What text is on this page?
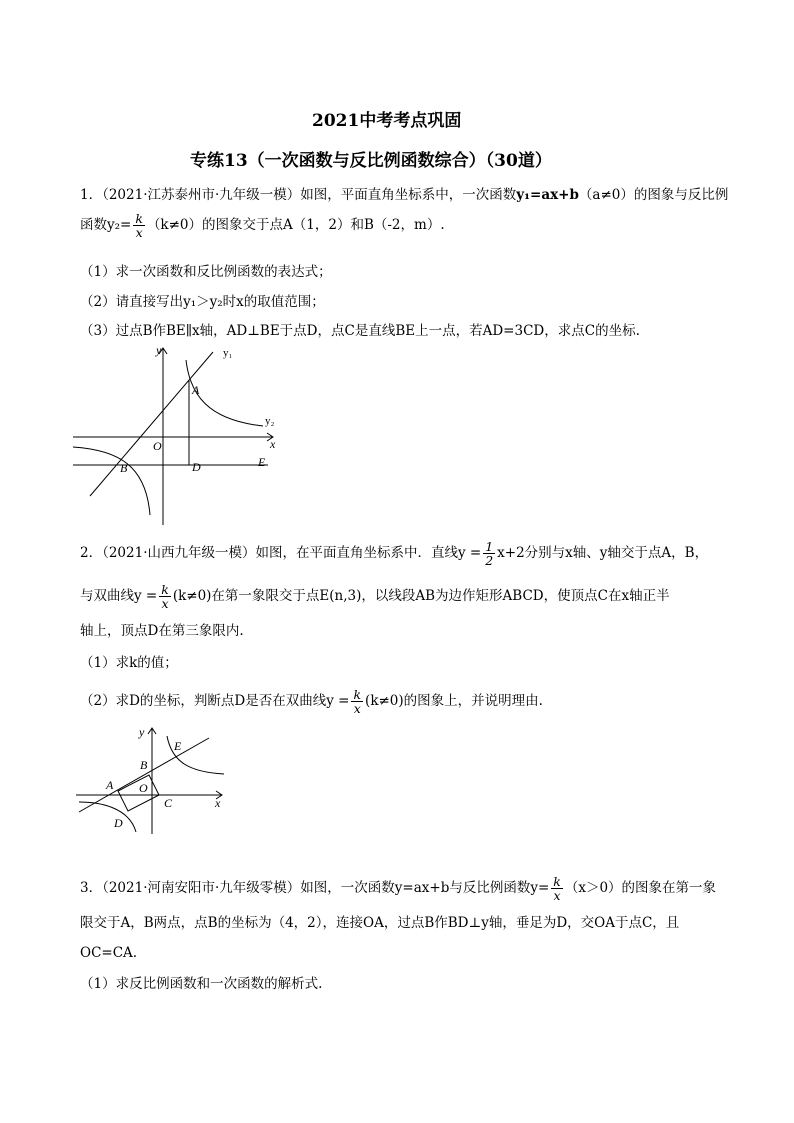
2021中考考点巩固
专练13（一次函数与反比例函数综合）（30道）
1．（2021·江苏泰州市·九年级一模）如图，平面直角坐标系中，一次函数y₁=ax+b（a≠0）的图象与反比例
函数$y_2= \frac{k}{x} (k\ne 0)$的图象交于点A（1，2）和B（-2，m）.
（1）求一次函数和反比例函数的表达式；
（2）请直接写出y₁＞y₂时x的取值范围；
（3）过点B作BE∥x轴，AD⊥BE于点D，点C是直线BE上一点，若AD=3CD，求点C的坐标.
y
x
y₁
y₂
A
B
O
D	E
2．（2021·山西九年级一模）如图，在平面直角坐标系中．直线$y = \frac{1}{2} x+2$分别与x轴、y轴交于点A，B，
与双曲线$y = \frac{k}{x} (k\ne 0)$在第一象限交于点E(n,3)，以线段AB为边作矩形ABCD，使顶点C在x轴正半
轴上，顶点D在第三象限内.
（1）求k的值；
（2）求D的坐标，判断点D是否在双曲线$y = \frac{k}{x} (k\ne 0)$的图象上，并说明理由.
y
x
E
B
A O
C
D
3．（2021·河南安阳市·九年级零模）如图，一次函数y=ax+b与反比例函数$y= \frac{k}{x} (x>0)$的图象在第一象
限交于A，B两点，点B的坐标为（4，2），连接OA，过点B作BD⊥y轴，垂足为D，交OA于点C，且
OC=CA.
（1）求反比例函数和一次函数的解析式.
